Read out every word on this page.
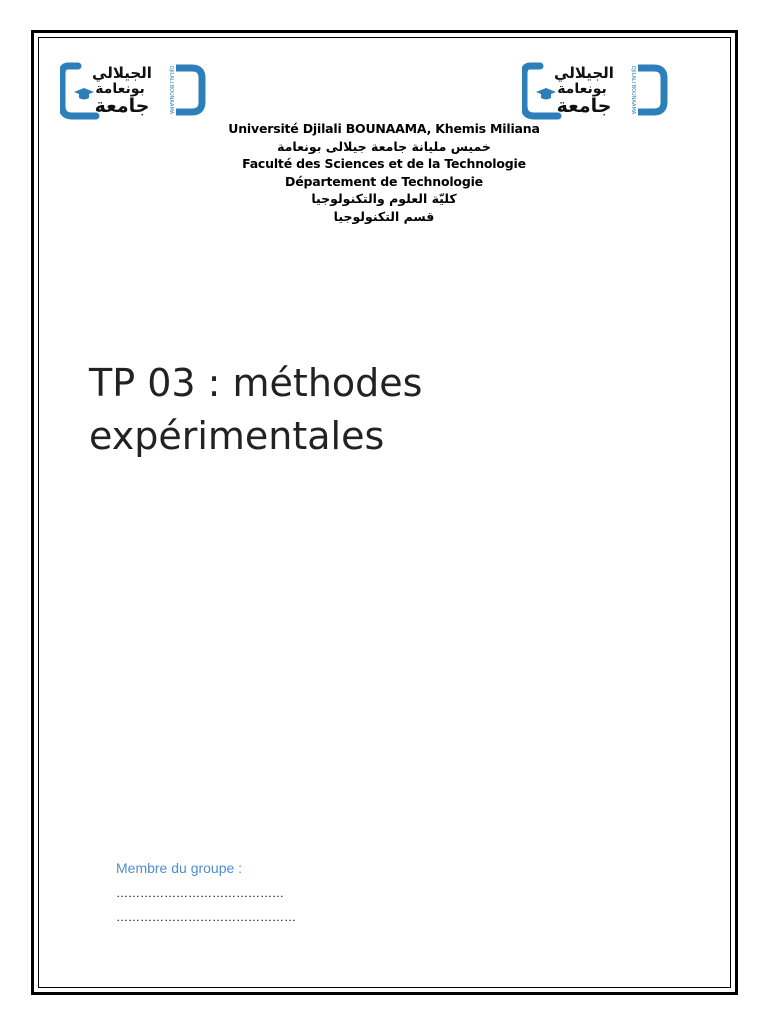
الجيلالي
بونعامة
جامعة	DJILALI BOUNAAMA	الجيلالي
بونعامة
جامعة	DJILALI BOUNAAMA
Université Djilali BOUNAAMA, Khemis Miliana
خميس مليانة جامعة جيلالى بونعامة
Faculté des Sciences et de la Technologie
Département de Technologie
كليّة العلوم والتكنولوجيا
قسم التكنولوجيا
TP 03 : méthodes
expérimentales
Membre du groupe :
……………………………………
………………………………………
